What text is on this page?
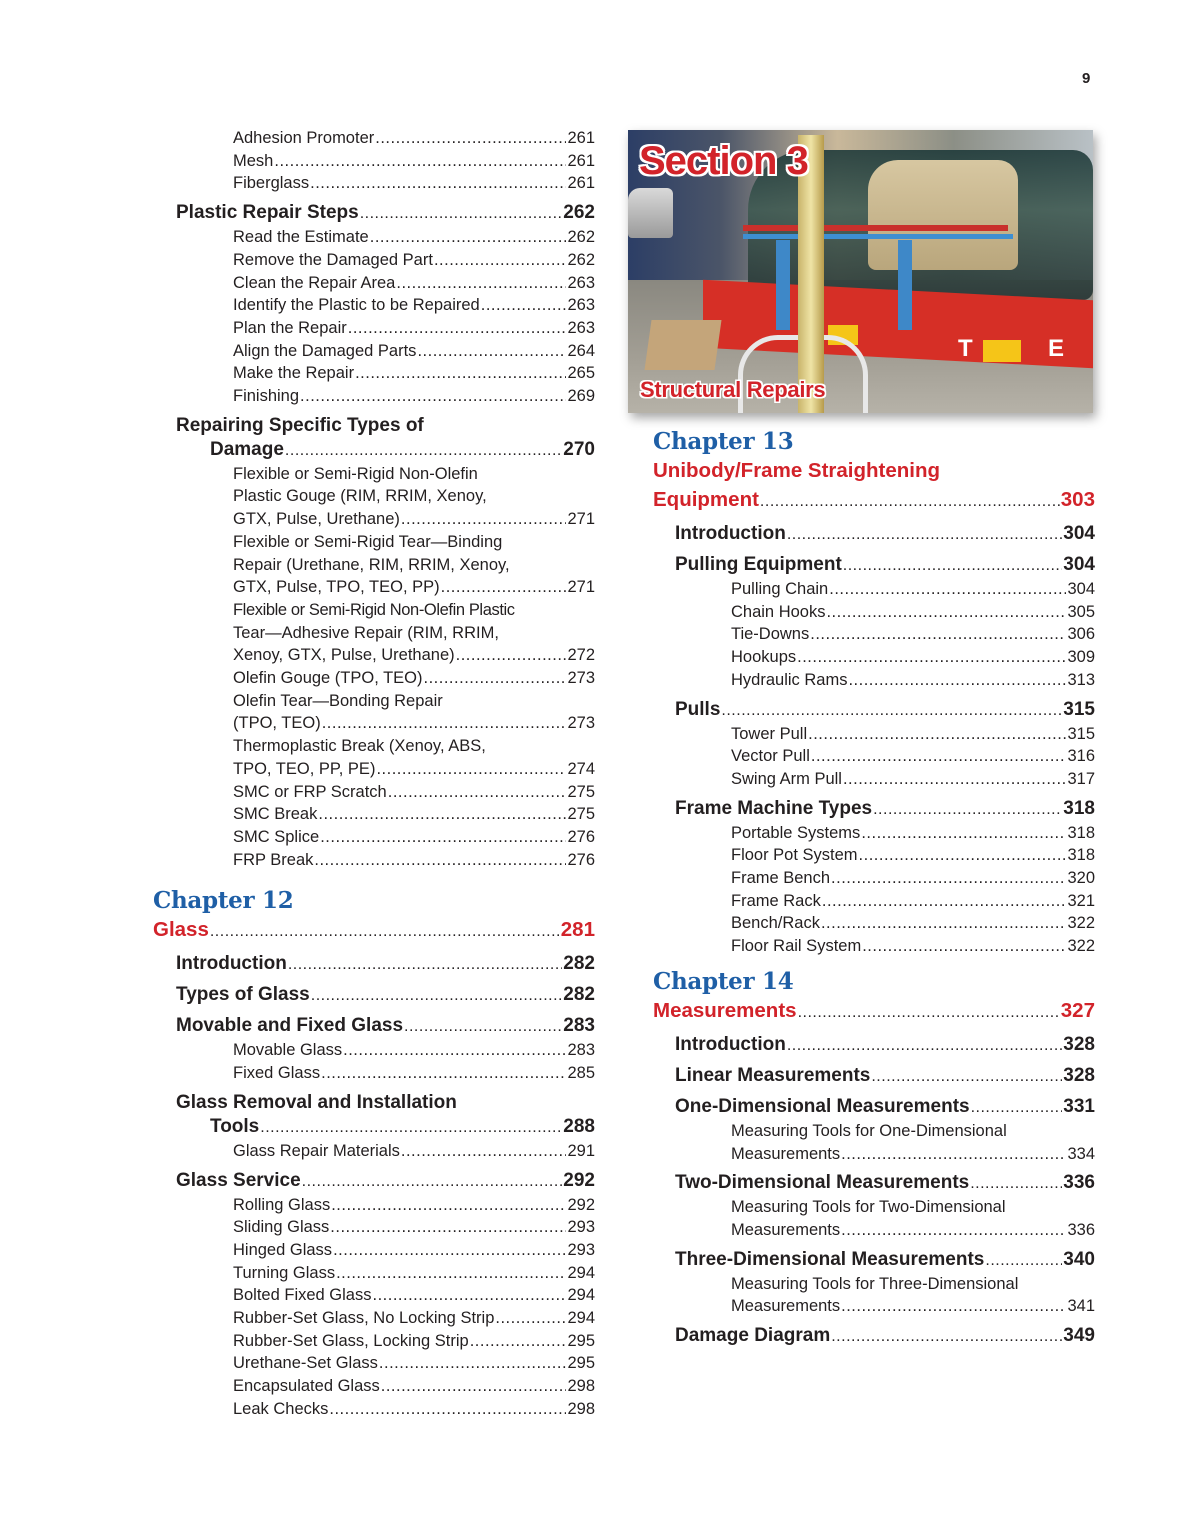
9
Adhesion Promoter .....	261
Mesh .....	261
Fiberglass .....	261
Plastic Repair Steps .....	262
Read the Estimate .....	262
Remove the Damaged Part .....	262
Clean the Repair Area .....	263
Identify the Plastic to be Repaired .....	263
Plan the Repair .....	263
Align the Damaged Parts .....	264
Make the Repair .....	265
Finishing .....	269
Repairing Specific Types of
Damage .....	270
Flexible or Semi-Rigid Non-Olefin
Plastic Gouge (RIM, RRIM, Xenoy,
GTX, Pulse, Urethane) .....	271
Flexible or Semi-Rigid Tear—Binding
Repair (Urethane, RIM, RRIM, Xenoy,
GTX, Pulse, TPO, TEO, PP) .....	271
Flexible or Semi-Rigid Non-Olefin Plastic
Tear—Adhesive Repair (RIM, RRIM,
Xenoy, GTX, Pulse, Urethane) .....	272
Olefin Gouge (TPO, TEO) .....	273
Olefin Tear—Bonding Repair
(TPO, TEO) .....	273
Thermoplastic Break (Xenoy, ABS,
TPO, TEO, PP, PE) .....	274
SMC or FRP Scratch .....	275
SMC Break .....	275
SMC Splice .....	276
FRP Break .....	276
Chapter 12
Glass .....	281
Introduction .....	282
Types of Glass .....	282
Movable and Fixed Glass .....	283
Movable Glass .....	283
Fixed Glass .....	285
Glass Removal and Installation
Tools .....	288
Glass Repair Materials .....	291
Glass Service .....	292
Rolling Glass .....	292
Sliding Glass .....	293
Hinged Glass .....	293
Turning Glass .....	294
Bolted Fixed Glass .....	294
Rubber-Set Glass, No Locking Strip .....	294
Rubber-Set Glass, Locking Strip .....	295
Urethane-Set Glass .....	295
Encapsulated Glass .....	298
Leak Checks .....	298
T	E
Section 3
Structural Repairs
Chapter 13
Unibody/Frame Straightening
Equipment .....	303
Introduction .....	304
Pulling Equipment .....	304
Pulling Chain .....	304
Chain Hooks .....	305
Tie-Downs .....	306
Hookups .....	309
Hydraulic Rams .....	313
Pulls .....	315
Tower Pull .....	315
Vector Pull .....	316
Swing Arm Pull .....	317
Frame Machine Types .....	318
Portable Systems .....	318
Floor Pot System .....	318
Frame Bench .....	320
Frame Rack .....	321
Bench/Rack .....	322
Floor Rail System .....	322
Chapter 14
Measurements .....	327
Introduction .....	328
Linear Measurements .....	328
One-Dimensional Measurements .....	331
Measuring Tools for One-Dimensional
Measurements .....	334
Two-Dimensional Measurements .....	336
Measuring Tools for Two-Dimensional
Measurements .....	336
Three-Dimensional Measurements .....	340
Measuring Tools for Three-Dimensional
Measurements .....	341
Damage Diagram .....	349
